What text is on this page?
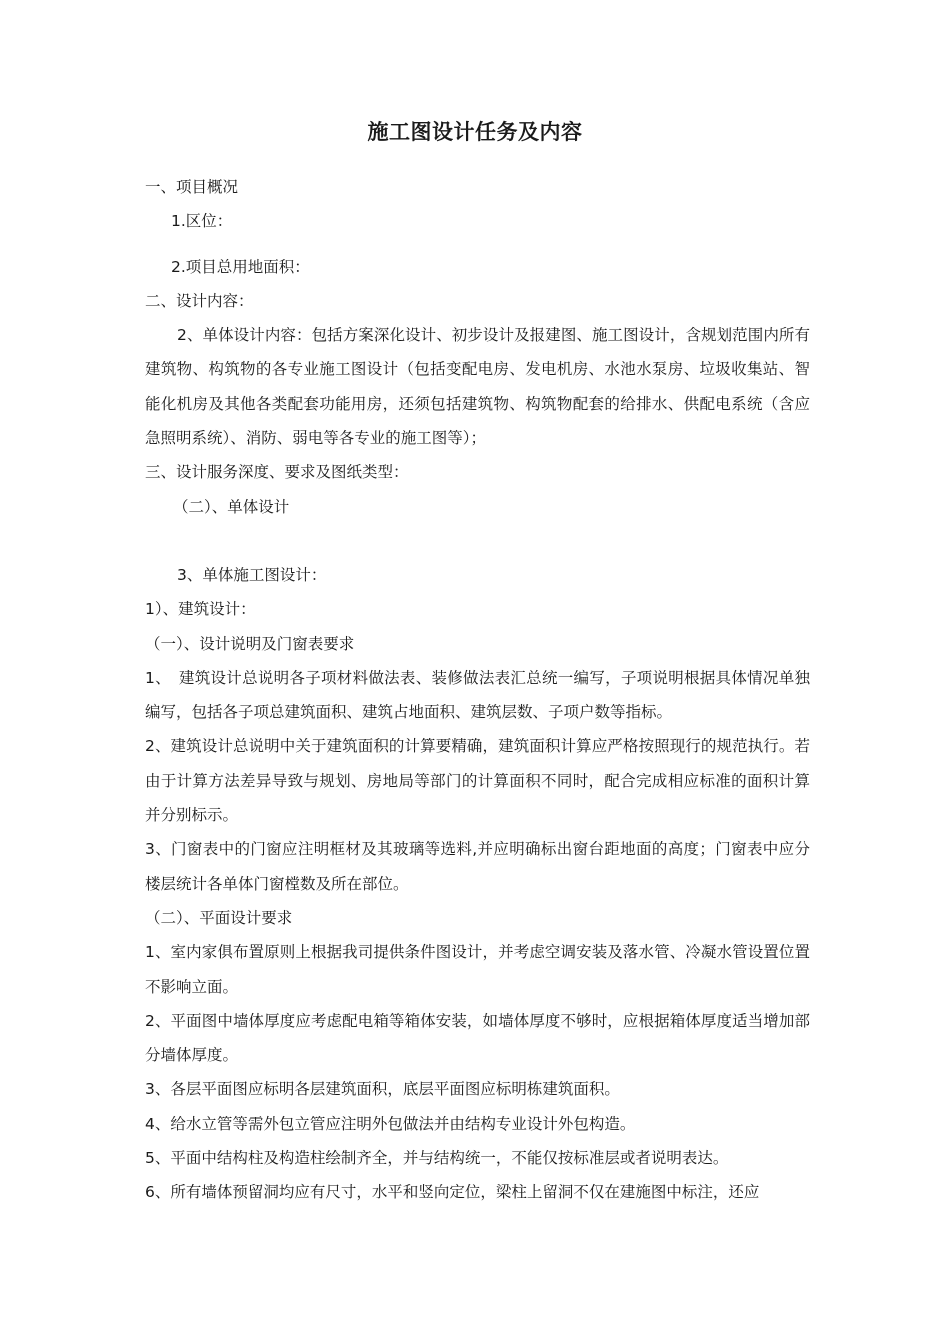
施工图设计任务及内容

一、项目概况

1.区位：

2.项目总用地面积：

二、设计内容：

2、单体设计内容：包括方案深化设计、初步设计及报建图、施工图设计，含规划范围内所有建筑物、构筑物的各专业施工图设计（包括变配电房、发电机房、水池水泵房、垃圾收集站、智能化机房及其他各类配套功能用房，还须包括建筑物、构筑物配套的给排水、供配电系统（含应急照明系统）、消防、弱电等各专业的施工图等）；

三、设计服务深度、要求及图纸类型：

（二）、单体设计

3、单体施工图设计：

1）、建筑设计：

（一）、设计说明及门窗表要求

1、　建筑设计总说明各子项材料做法表、装修做法表汇总统一编写，子项说明根据具体情况单独编写，包括各子项总建筑面积、建筑占地面积、建筑层数、子项户数等指标。

2、建筑设计总说明中关于建筑面积的计算要精确，建筑面积计算应严格按照现行的规范执行。若由于计算方法差异导致与规划、房地局等部门的计算面积不同时，配合完成相应标准的面积计算并分别标示。

3、门窗表中的门窗应注明框材及其玻璃等选料,并应明确标出窗台距地面的高度；门窗表中应分楼层统计各单体门窗樘数及所在部位。

（二）、平面设计要求

1、室内家俱布置原则上根据我司提供条件图设计，并考虑空调安装及落水管、冷凝水管设置位置不影响立面。

2、平面图中墙体厚度应考虑配电箱等箱体安装，如墙体厚度不够时，应根据箱体厚度适当增加部分墙体厚度。

3、各层平面图应标明各层建筑面积，底层平面图应标明栋建筑面积。

4、给水立管等需外包立管应注明外包做法并由结构专业设计外包构造。

5、平面中结构柱及构造柱绘制齐全，并与结构统一，不能仅按标准层或者说明表达。

6、所有墙体预留洞均应有尺寸，水平和竖向定位，梁柱上留洞不仅在建施图中标注，还应
